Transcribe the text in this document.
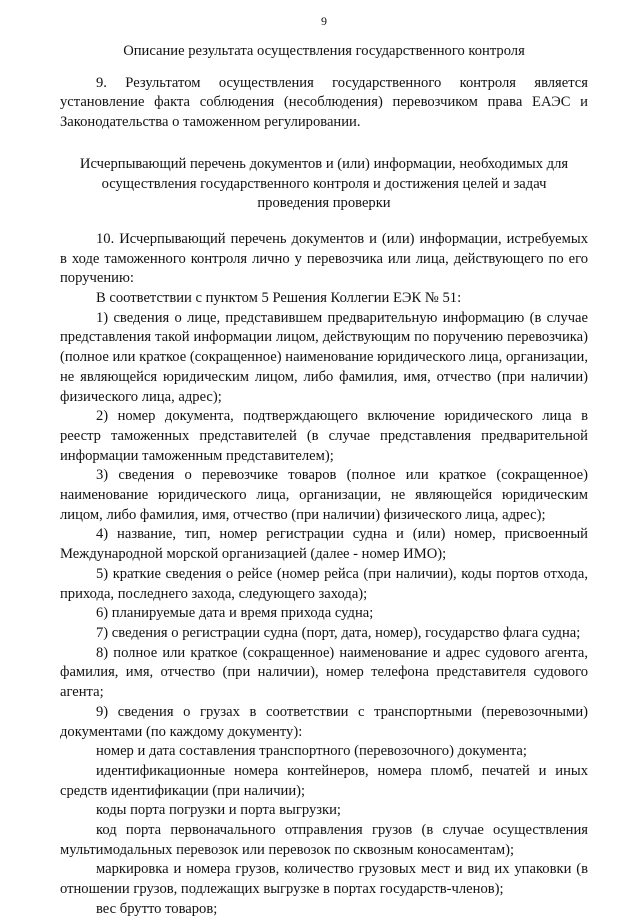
9

Описание результата осуществления государственного контроля

9. Результатом осуществления государственного контроля является установление факта соблюдения (несоблюдения) перевозчиком права ЕАЭС и Законодательства о таможенном регулировании.

Исчерпывающий перечень документов и (или) информации, необходимых для осуществления государственного контроля и достижения целей и задач проведения проверки

10. Исчерпывающий перечень документов и (или) информации, истребуемых в ходе таможенного контроля лично у перевозчика или лица, действующего по его поручению:

В соответствии с пунктом 5 Решения Коллегии ЕЭК № 51:

1) сведения о лице, представившем предварительную информацию (в случае представления такой информации лицом, действующим по поручению перевозчика) (полное или краткое (сокращенное) наименование юридического лица, организации, не являющейся юридическим лицом, либо фамилия, имя, отчество (при наличии) физического лица, адрес);

2) номер документа, подтверждающего включение юридического лица в реестр таможенных представителей (в случае представления предварительной информации таможенным представителем);

3) сведения о перевозчике товаров (полное или краткое (сокращенное) наименование юридического лица, организации, не являющейся юридическим лицом, либо фамилия, имя, отчество (при наличии) физического лица, адрес);

4) название, тип, номер регистрации судна и (или) номер, присвоенный Международной морской организацией (далее - номер ИМО);

5) краткие сведения о рейсе (номер рейса (при наличии), коды портов отхода, прихода, последнего захода, следующего захода);

6) планируемые дата и время прихода судна;

7) сведения о регистрации судна (порт, дата, номер), государство флага судна;

8) полное или краткое (сокращенное) наименование и адрес судового агента, фамилия, имя, отчество (при наличии), номер телефона представителя судового агента;

9) сведения о грузах в соответствии с транспортными (перевозочными) документами (по каждому документу):

номер и дата составления транспортного (перевозочного) документа;

идентификационные номера контейнеров, номера пломб, печатей и иных средств идентификации (при наличии);

коды порта погрузки и порта выгрузки;

код порта первоначального отправления грузов (в случае осуществления мультимодальных перевозок или перевозок по сквозным коносаментам);

маркировка и номера грузов, количество грузовых мест и вид их упаковки (в отношении грузов, подлежащих выгрузке в портах государств-членов);

вес брутто товаров;
